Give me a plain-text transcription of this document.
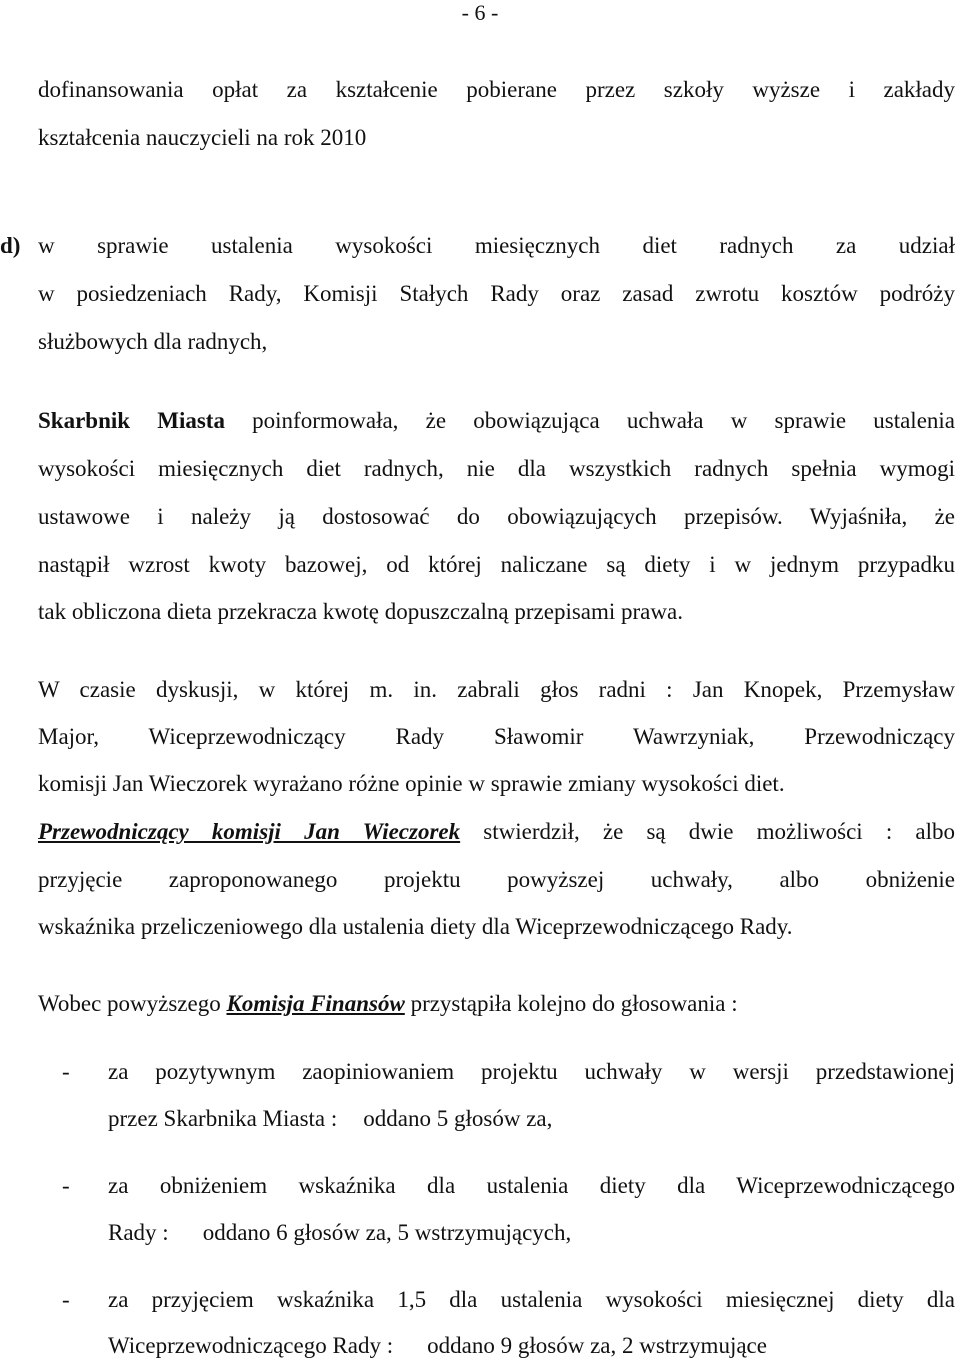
- 6 -
dofinansowania opłat za kształcenie pobierane przez szkoły wyższe i zakłady
kształcenia nauczycieli na rok 2010
d) w sprawie ustalenia wysokości miesięcznych diet radnych za udział
w posiedzeniach Rady, Komisji Stałych Rady oraz zasad zwrotu kosztów podróży
służbowych dla radnych,
Skarbnik Miasta poinformowała, że obowiązująca uchwała w sprawie ustalenia
wysokości miesięcznych diet radnych, nie dla wszystkich radnych spełnia wymogi
ustawowe i należy ją dostosować do obowiązujących przepisów. Wyjaśniła, że
nastąpił wzrost kwoty bazowej, od której naliczane są diety i w jednym przypadku
tak obliczona dieta przekracza kwotę dopuszczalną przepisami prawa.
W czasie dyskusji, w której m. in. zabrali głos radni : Jan Knopek, Przemysław
Major, Wiceprzewodniczący Rady Sławomir Wawrzyniak, Przewodniczący
komisji Jan Wieczorek wyrażano różne opinie w sprawie zmiany wysokości diet.
Przewodniczący komisji Jan Wieczorek stwierdził, że są dwie możliwości : albo
przyjęcie zaproponowanego projektu powyższej uchwały, albo obniżenie
wskaźnika przeliczeniowego dla ustalenia diety dla Wiceprzewodniczącego Rady.
Wobec powyższego Komisja Finansów przystąpiła kolejno do głosowania :
- za pozytywnym zaopiniowaniem projektu uchwały w wersji przedstawionej
przez Skarbnika Miasta : oddano 5 głosów za,
- za obniżeniem wskaźnika dla ustalenia diety dla Wiceprzewodniczącego
Rady : oddano 6 głosów za, 5 wstrzymujących,
- za przyjęciem wskaźnika 1,5 dla ustalenia wysokości miesięcznej diety dla
Wiceprzewodniczącego Rady : oddano 9 głosów za, 2 wstrzymujące
